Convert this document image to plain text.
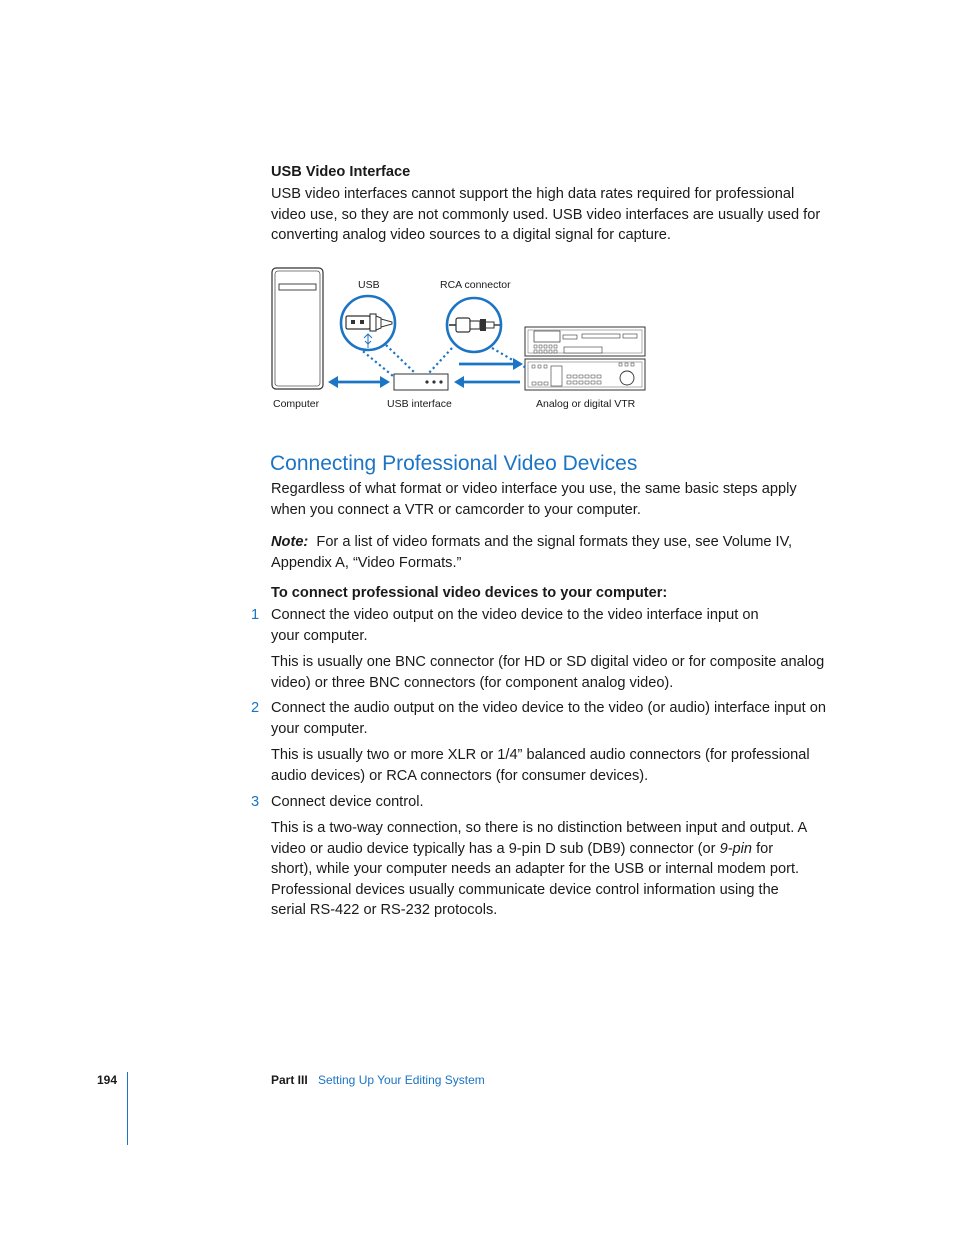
USB Video Interface
USB video interfaces cannot support the high data rates required for professional video use, so they are not commonly used. USB video interfaces are usually used for converting analog video sources to a digital signal for capture.
USB	RCA connector
Computer	USB interface	Analog or digital VTR
Connecting Professional Video Devices
Regardless of what format or video interface you use, the same basic steps apply when you connect a VTR or camcorder to your computer.
Note: For a list of video formats and the signal formats they use, see Volume IV, Appendix A, “Video Formats.”
To connect professional video devices to your computer:
1 Connect the video output on the video device to the video interface input on your computer.
This is usually one BNC connector (for HD or SD digital video or for composite analog video) or three BNC connectors (for component analog video).
2 Connect the audio output on the video device to the video (or audio) interface input on your computer.
This is usually two or more XLR or 1/4” balanced audio connectors (for professional audio devices) or RCA connectors (for consumer devices).
3 Connect device control.
This is a two-way connection, so there is no distinction between input and output. A video or audio device typically has a 9-pin D sub (DB9) connector (or 9-pin for short), while your computer needs an adapter for the USB or internal modem port. Professional devices usually communicate device control information using the serial RS-422 or RS-232 protocols.
194	Part III Setting Up Your Editing System
